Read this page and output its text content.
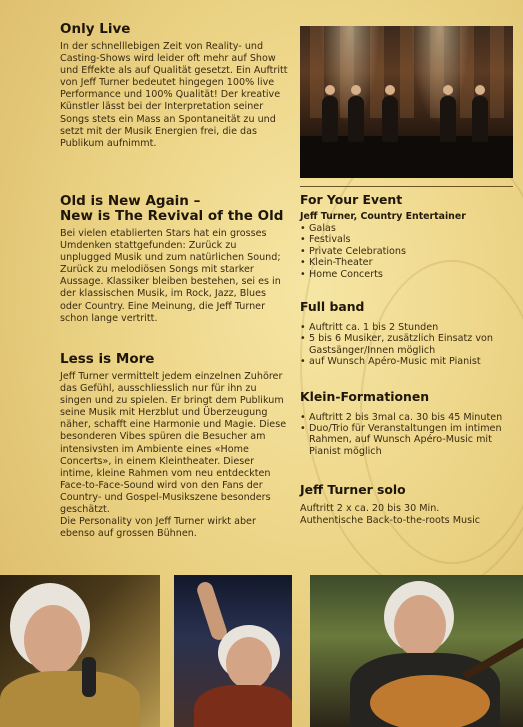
Only Live

In der schnelllebigen Zeit von Reality- und Casting-Shows wird leider oft mehr auf Show und Effekte als auf Qualität gesetzt. Ein Auftritt von Jeff Turner bedeutet hingegen 100% live Performance und 100% Qualität! Der kreative Künstler lässt bei der Interpretation seiner Songs stets ein Mass an Spontaneität zu und setzt mit der Musik Energien frei, die das Publikum aufnimmt.

Old is New Again –
New is The Revival of the Old

Bei vielen etablierten Stars hat ein grosses Umdenken stattgefunden: Zurück zu unplugged Musik und zum natürlichen Sound; Zurück zu melodiösen Songs mit starker Aussage. Klassiker bleiben bestehen, sei es in der klassischen Musik, im Rock, Jazz, Blues oder Country. Eine Meinung, die Jeff Turner schon lange vertritt.

Less is More

Jeff Turner vermittelt jedem einzelnen Zuhörer das Gefühl, ausschliesslich nur für ihn zu singen und zu spielen. Er bringt dem Publikum seine Musik mit Herzblut und Überzeugung näher, schafft eine Harmonie und Magie. Diese besonderen Vibes spüren die Besucher am intensivsten im Ambiente eines «Home Concerts», in einem Kleintheater. Dieser intime, kleine Rahmen vom neu entdeckten Face-to-Face-Sound wird von den Fans der Country- und Gospel-Musikszene besonders geschätzt.

Die Personality von Jeff Turner wirkt aber ebenso auf grossen Bühnen.

For Your Event
Jeff Turner, Country Entertainer
• Galas
• Festivals
• Private Celebrations
• Klein-Theater
• Home Concerts
Full band
• Auftritt ca. 1 bis 2 Stunden
• 5 bis 6 Musiker, zusätzlich Einsatz von Gastsänger/Innen möglich
• auf Wunsch Apéro-Music mit Pianist
Klein-Formationen
• Auftritt 2 bis 3mal ca. 30 bis 45 Minuten
• Duo/Trio für Veranstaltungen im intimen Rahmen, auf Wunsch Apéro-Music mit Pianist möglich
Jeff Turner solo
Auftritt 2 x ca. 20 bis 30 Min.
Authentische Back-to-the-roots Music
